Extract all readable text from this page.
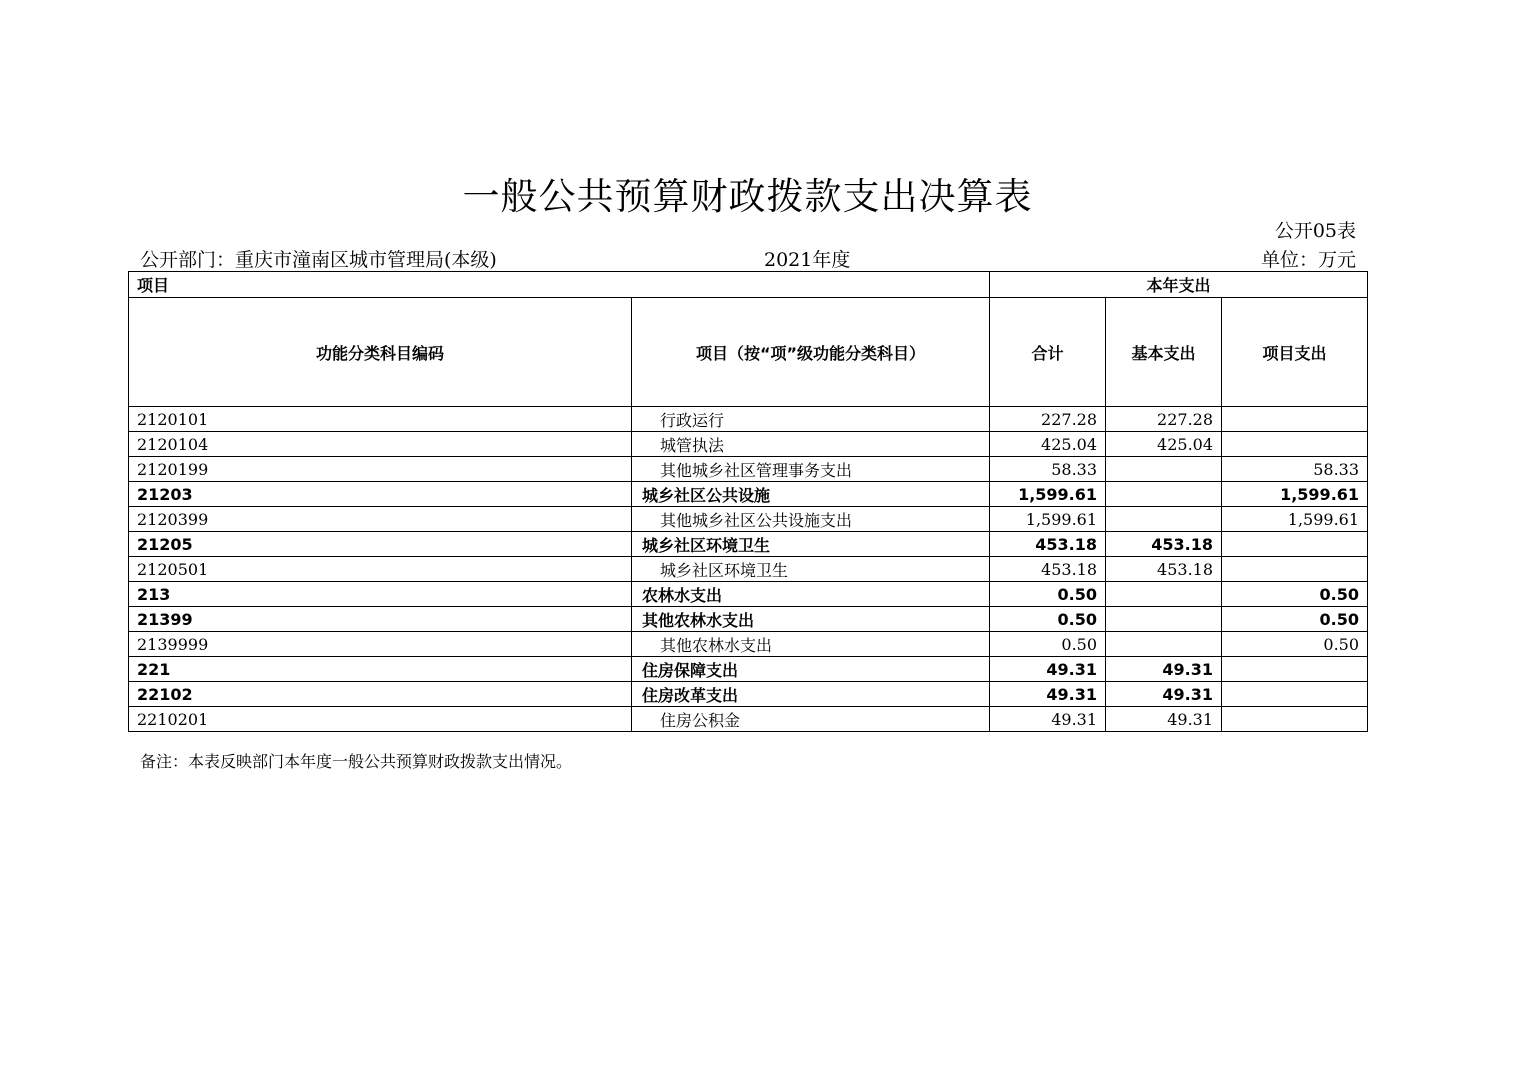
一般公共预算财政拨款支出决算表
公开05表
公开部门：重庆市潼南区城市管理局(本级)	2021年度	单位：万元
项目		本年支出		
功能分类科目编码	项目（按“项”级功能分类科目）	合计	基本支出	项目支出
2120101	行政运行	227.28	227.28	
2120104	城管执法	425.04	425.04	
2120199	其他城乡社区管理事务支出	58.33		58.33
21203	城乡社区公共设施	1,599.61		1,599.61
2120399	其他城乡社区公共设施支出	1,599.61		1,599.61
21205	城乡社区环境卫生	453.18	453.18	
2120501	城乡社区环境卫生	453.18	453.18	
213	农林水支出	0.50		0.50
21399	其他农林水支出	0.50		0.50
2139999	其他农林水支出	0.50		0.50
221	住房保障支出	49.31	49.31	
22102	住房改革支出	49.31	49.31	
2210201	住房公积金	49.31	49.31	
备注：本表反映部门本年度一般公共预算财政拨款支出情况。
